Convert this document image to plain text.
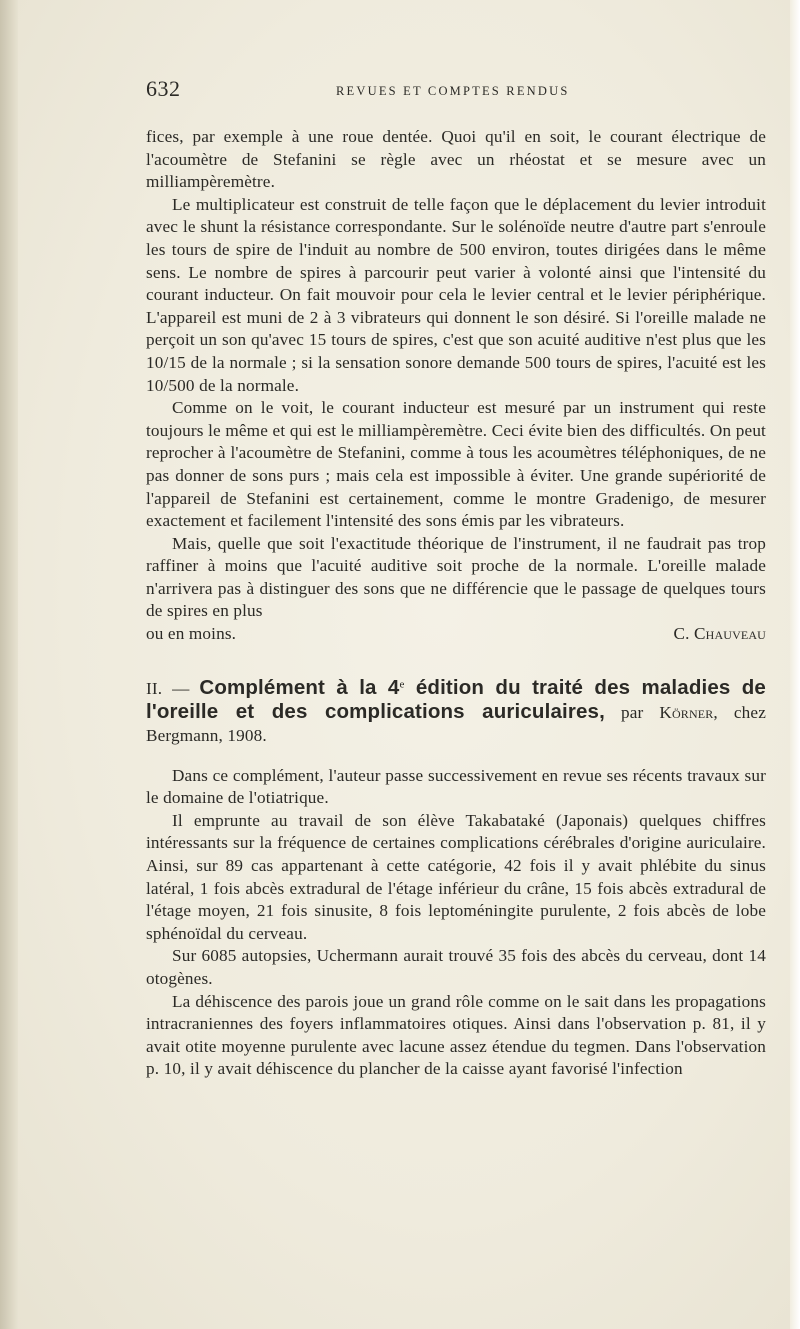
632	REVUES ET COMPTES RENDUS

fices, par exemple à une roue dentée. Quoi qu'il en soit, le courant électrique de l'acoumètre de Stefanini se règle avec un rhéostat et se mesure avec un milliampèremètre.

Le multiplicateur est construit de telle façon que le déplacement du levier introduit avec le shunt la résistance correspondante. Sur le solénoïde neutre d'autre part s'enroule les tours de spire de l'induit au nombre de 500 environ, toutes dirigées dans le même sens. Le nombre de spires à parcourir peut varier à volonté ainsi que l'intensité du courant inducteur. On fait mouvoir pour cela le levier central et le levier périphérique. L'appareil est muni de 2 à 3 vibrateurs qui donnent le son désiré. Si l'oreille malade ne perçoit un son qu'avec 15 tours de spires, c'est que son acuité auditive n'est plus que les 10/15 de la normale ; si la sensation sonore demande 500 tours de spires, l'acuité est les 10/500 de la normale.

Comme on le voit, le courant inducteur est mesuré par un instrument qui reste toujours le même et qui est le milliampèremètre. Ceci évite bien des difficultés. On peut reprocher à l'acoumètre de Stefanini, comme à tous les acoumètres téléphoniques, de ne pas donner de sons purs ; mais cela est impossible à éviter. Une grande supériorité de l'appareil de Stefanini est certainement, comme le montre Gradenigo, de mesurer exactement et facilement l'intensité des sons émis par les vibrateurs.

Mais, quelle que soit l'exactitude théorique de l'instrument, il ne faudrait pas trop raffiner à moins que l'acuité auditive soit proche de la normale. L'oreille malade n'arrivera pas à distinguer des sons que ne différencie que le passage de quelques tours de spires en plus

ou en moins.	C. Chauveau

II. — Complément à la 4e édition du traité des maladies de l'oreille et des complications auriculaires, par Körner, chez Bergmann, 1908.

Dans ce complément, l'auteur passe successivement en revue ses récents travaux sur le domaine de l'otiatrique.

Il emprunte au travail de son élève Takabataké (Japonais) quelques chiffres intéressants sur la fréquence de certaines complications cérébrales d'origine auriculaire. Ainsi, sur 89 cas appartenant à cette catégorie, 42 fois il y avait phlébite du sinus latéral, 1 fois abcès extradural de l'étage inférieur du crâne, 15 fois abcès extradural de l'étage moyen, 21 fois sinusite, 8 fois leptoméningite purulente, 2 fois abcès de lobe sphénoïdal du cerveau.

Sur 6085 autopsies, Uchermann aurait trouvé 35 fois des abcès du cerveau, dont 14 otogènes.

La déhiscence des parois joue un grand rôle comme on le sait dans les propagations intracraniennes des foyers inflammatoires otiques. Ainsi dans l'observation p. 81, il y avait otite moyenne purulente avec lacune assez étendue du tegmen. Dans l'observation p. 10, il y avait déhiscence du plancher de la caisse ayant favorisé l'infection
